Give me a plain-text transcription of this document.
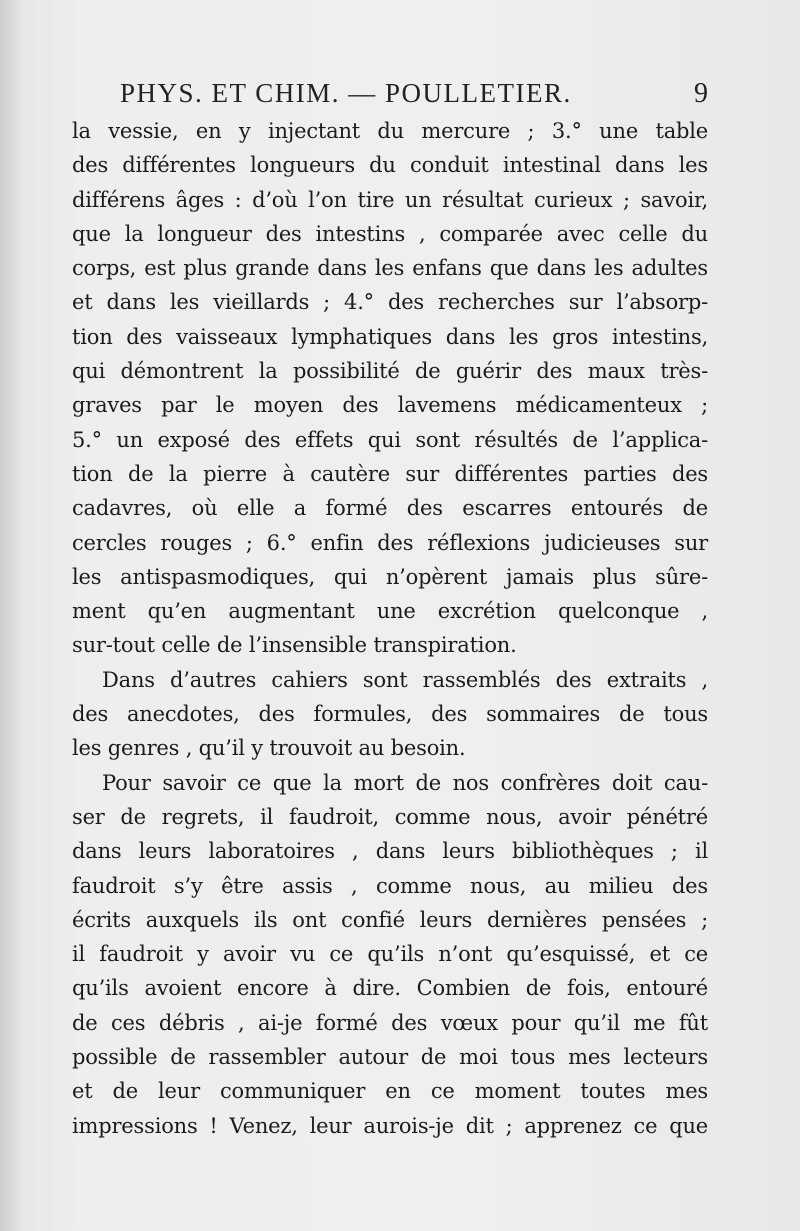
PHYS. ET CHIM. — POULLETIER.	9
la vessie, en y injectant du mercure ; 3.° une table
des différentes longueurs du conduit intestinal dans les
différens âges : d’où l’on tire un résultat curieux ; savoir,
que la longueur des intestins , comparée avec celle du
corps, est plus grande dans les enfans que dans les adultes
et dans les vieillards ; 4.° des recherches sur l’absorp-
tion des vaisseaux lymphatiques dans les gros intestins,
qui démontrent la possibilité de guérir des maux très-
graves par le moyen des lavemens médicamenteux ;
5.° un exposé des effets qui sont résultés de l’applica-
tion de la pierre à cautère sur différentes parties des
cadavres, où elle a formé des escarres entourés de
cercles rouges ; 6.° enfin des réflexions judicieuses sur
les antispasmodiques, qui n’opèrent jamais plus sûre-
ment qu’en augmentant une excrétion quelconque ,
sur-tout celle de l’insensible transpiration.
Dans d’autres cahiers sont rassemblés des extraits ,
des anecdotes, des formules, des sommaires de tous
les genres , qu’il y trouvoit au besoin.
Pour savoir ce que la mort de nos confrères doit cau-
ser de regrets, il faudroit, comme nous, avoir pénétré
dans leurs laboratoires , dans leurs bibliothèques ; il
faudroit s’y être assis , comme nous, au milieu des
écrits auxquels ils ont confié leurs dernières pensées ;
il faudroit y avoir vu ce qu’ils n’ont qu’esquissé, et ce
qu’ils avoient encore à dire. Combien de fois, entouré
de ces débris , ai-je formé des vœux pour qu’il me fût
possible de rassembler autour de moi tous mes lecteurs
et de leur communiquer en ce moment toutes mes
impressions ! Venez, leur aurois-je dit ; apprenez ce que
